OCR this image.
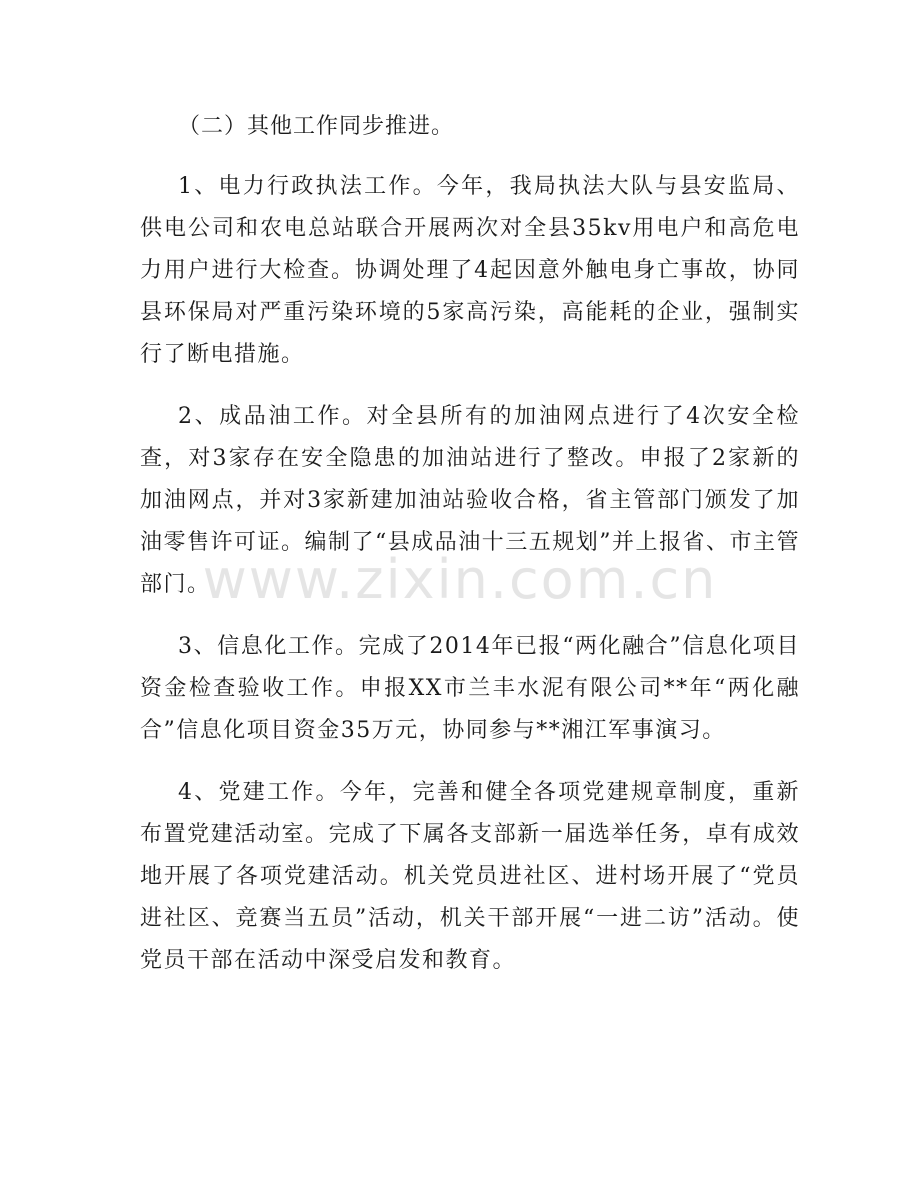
（二）其他工作同步推进。

1、电力行政执法工作。今年，我局执法大队与县安监局、供电公司和农电总站联合开展两次对全县35kv用电户和高危电力用户进行大检查。协调处理了4起因意外触电身亡事故，协同县环保局对严重污染环境的5家高污染，高能耗的企业，强制实行了断电措施。

2、成品油工作。对全县所有的加油网点进行了4次安全检查，对3家存在安全隐患的加油站进行了整改。申报了2家新的加油网点，并对3家新建加油站验收合格，省主管部门颁发了加油零售许可证。编制了“县成品油十三五规划”并上报省、市主管部门。

3、信息化工作。完成了2014年已报“两化融合”信息化项目资金检查验收工作。申报XX市兰丰水泥有限公司**年“两化融合”信息化项目资金35万元，协同参与**湘江军事演习。

4、党建工作。今年，完善和健全各项党建规章制度，重新布置党建活动室。完成了下属各支部新一届选举任务，卓有成效地开展了各项党建活动。机关党员进社区、进村场开展了“党员进社区、竞赛当五员”活动，机关干部开展“一进二访”活动。使党员干部在活动中深受启发和教育。

www.zixin.com.cn
